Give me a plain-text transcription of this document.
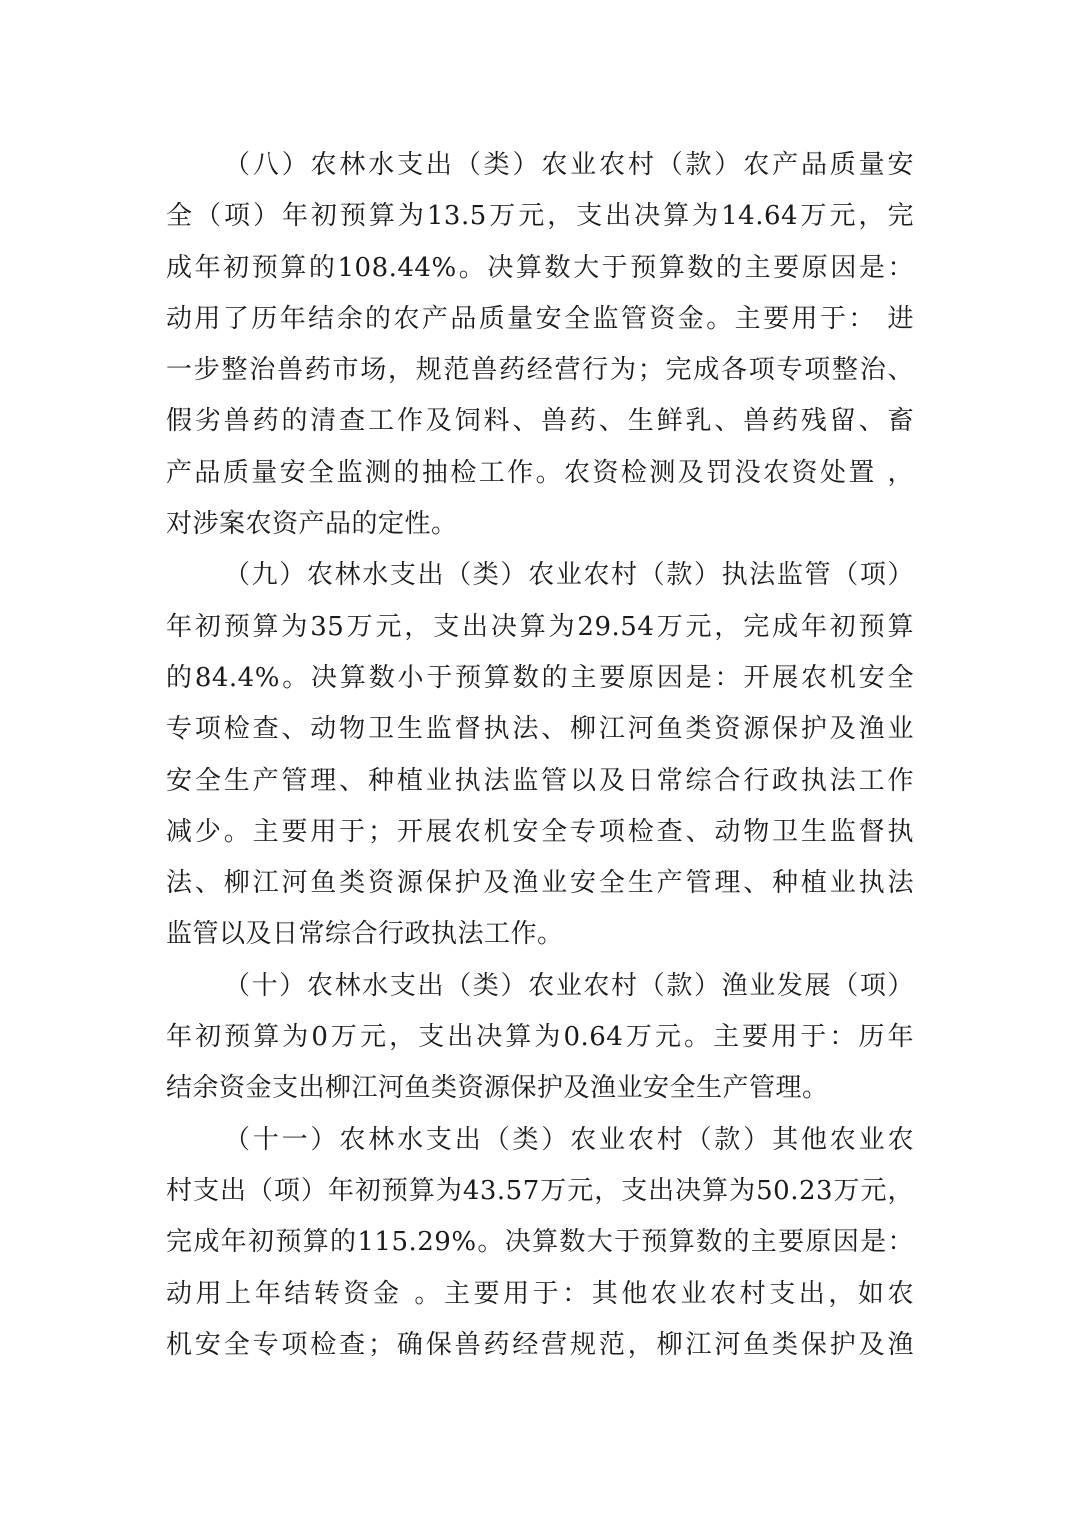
（八）农林水支出（类）农业农村（款）农产品质量安
全（项）年初预算为13.5万元，支出决算为14.64万元，完
成年初预算的108.44%。决算数大于预算数的主要原因是：
动用了历年结余的农产品质量安全监管资金。主要用于： 进
一步整治兽药市场，规范兽药经营行为；完成各项专项整治、
假劣兽药的清查工作及饲料、兽药、生鲜乳、兽药残留、畜
产品质量安全监测的抽检工作。农资检测及罚没农资处置 ，
对涉案农资产品的定性。
（九）农林水支出（类）农业农村（款）执法监管（项）
年初预算为35万元，支出决算为29.54万元，完成年初预算
的84.4%。决算数小于预算数的主要原因是：开展农机安全
专项检查、动物卫生监督执法、柳江河鱼类资源保护及渔业
安全生产管理、种植业执法监管以及日常综合行政执法工作
减少。主要用于；开展农机安全专项检查、动物卫生监督执
法、柳江河鱼类资源保护及渔业安全生产管理、种植业执法
监管以及日常综合行政执法工作。
（十）农林水支出（类）农业农村（款）渔业发展（项）
年初预算为0万元，支出决算为0.64万元。主要用于：历年
结余资金支出柳江河鱼类资源保护及渔业安全生产管理。
（十一）农林水支出（类）农业农村（款）其他农业农
村支出（项）年初预算为43.57万元，支出决算为50.23万元，
完成年初预算的115.29%。决算数大于预算数的主要原因是：
动用上年结转资金 。主要用于：其他农业农村支出，如农
机安全专项检查；确保兽药经营规范，柳江河鱼类保护及渔
